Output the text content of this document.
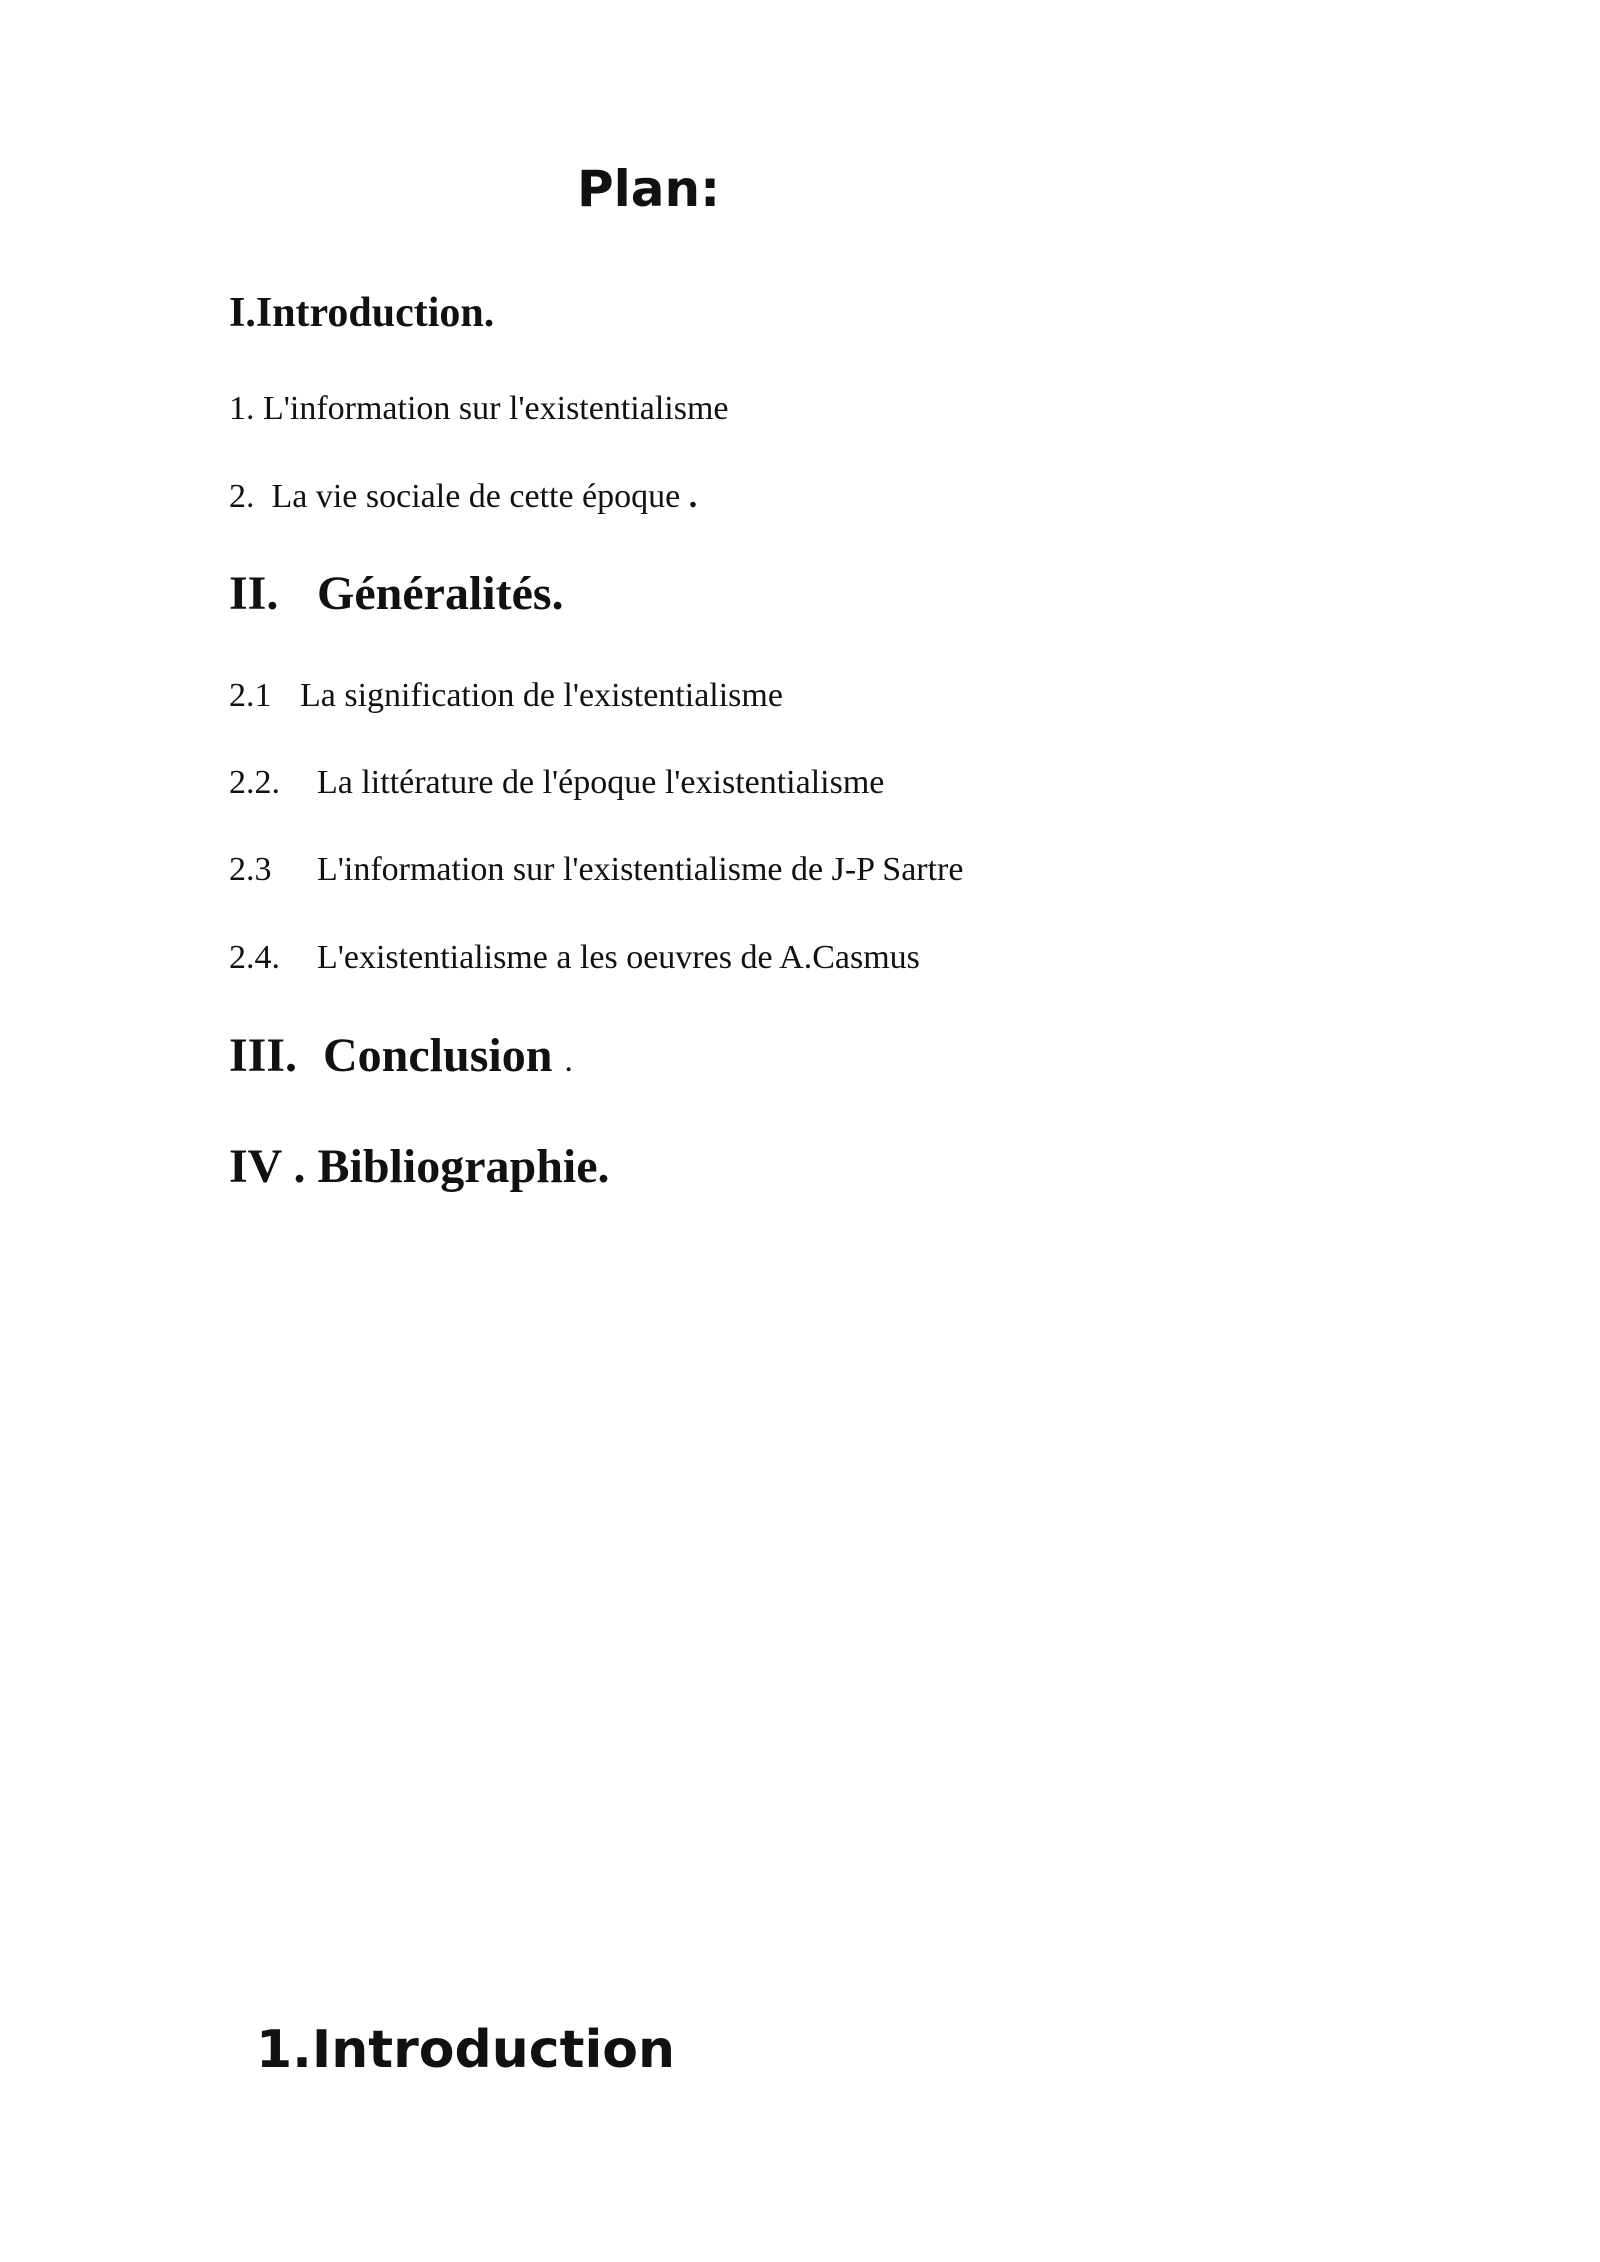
Plan:

I.Introduction.

1. L'information sur l'existentialisme

2. La vie sociale de cette époque .

II. Généralités.

2.1 La signification de l'existentialisme

2.2. La littérature de l'époque l'existentialisme

2.3 L'information sur l'existentialisme de J-P Sartre

2.4. L'existentialisme a les oeuvres de A.Casmus

III. Conclusion .

IV . Bibliographie.

1.Introduction
